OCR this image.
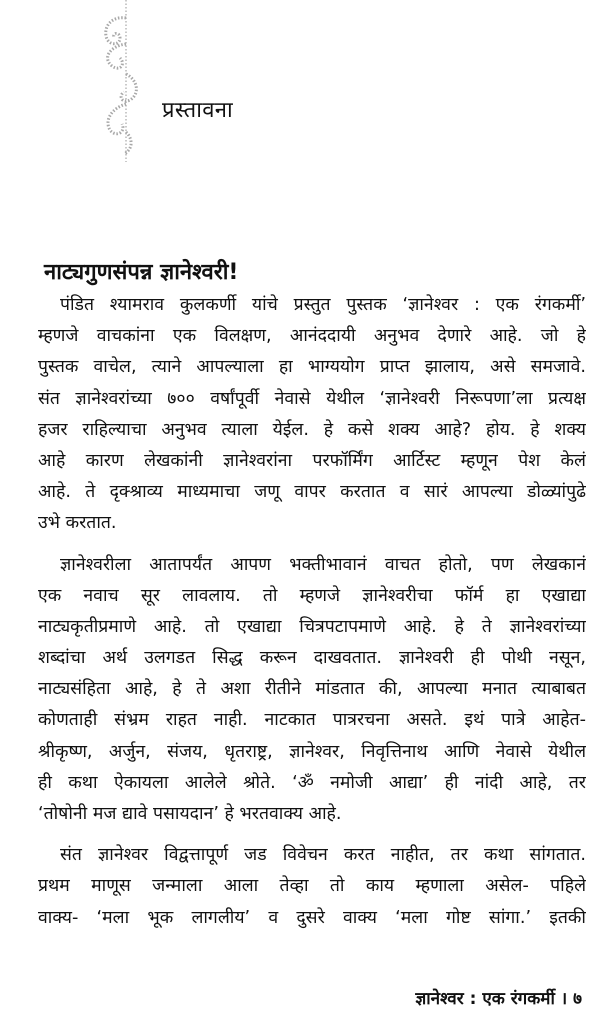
प्रस्तावना
नाट्यगुणसंपन्न ज्ञानेश्वरी!
पंडित श्यामराव कुलकर्णी यांचे प्रस्तुत पुस्तक ‘ज्ञानेश्वर : एक रंगकर्मी’
म्हणजे वाचकांना एक विलक्षण, आनंददायी अनुभव देणारे आहे. जो हे
पुस्तक वाचेल, त्याने आपल्याला हा भाग्ययोग प्राप्त झालाय, असे समजावे.
संत ज्ञानेश्वरांच्या ७०० वर्षांपूर्वी नेवासे येथील ‘ज्ञानेश्वरी निरूपणा’ला प्रत्यक्ष
हजर राहिल्याचा अनुभव त्याला येईल. हे कसे शक्य आहे? होय. हे शक्य
आहे कारण लेखकांनी ज्ञानेश्वरांना परफॉर्मिंग आर्टिस्ट म्हणून पेश केलं
आहे. ते दृक्श्राव्य माध्यमाचा जणू वापर करतात व सारं आपल्या डोळ्यांपुढे
उभे करतात.
ज्ञानेश्वरीला आतापर्यंत आपण भक्तीभावानं वाचत होतो, पण लेखकानं
एक नवाच सूर लावलाय. तो म्हणजे ज्ञानेश्वरीचा फॉर्म हा एखाद्या
नाट्यकृतीप्रमाणे आहे. तो एखाद्या चित्रपटापमाणे आहे. हे ते ज्ञानेश्वरांच्या
शब्दांचा अर्थ उलगडत सिद्ध करून दाखवतात. ज्ञानेश्वरी ही पोथी नसून,
नाट्यसंहिता आहे, हे ते अशा रीतीने मांडतात की, आपल्या मनात त्याबाबत
कोणताही संभ्रम राहत नाही. नाटकात पात्ररचना असते. इथं पात्रे आहेत-
श्रीकृष्ण, अर्जुन, संजय, धृतराष्ट्र, ज्ञानेश्वर, निवृत्तिनाथ आणि नेवासे येथील
ही कथा ऐकायला आलेले श्रोते. ‘ॐ नमोजी आद्या’ ही नांदी आहे, तर
‘तोषोनी मज द्यावे पसायदान’ हे भरतवाक्य आहे.
संत ज्ञानेश्वर विद्वत्तापूर्ण जड विवेचन करत नाहीत, तर कथा सांगतात.
प्रथम माणूस जन्माला आला तेव्हा तो काय म्हणाला असेल- पहिले
वाक्य- ‘मला भूक लागलीय’ व दुसरे वाक्य ‘मला गोष्ट सांगा.’ इतकी
ज्ञानेश्वर : एक रंगकर्मी । ७
